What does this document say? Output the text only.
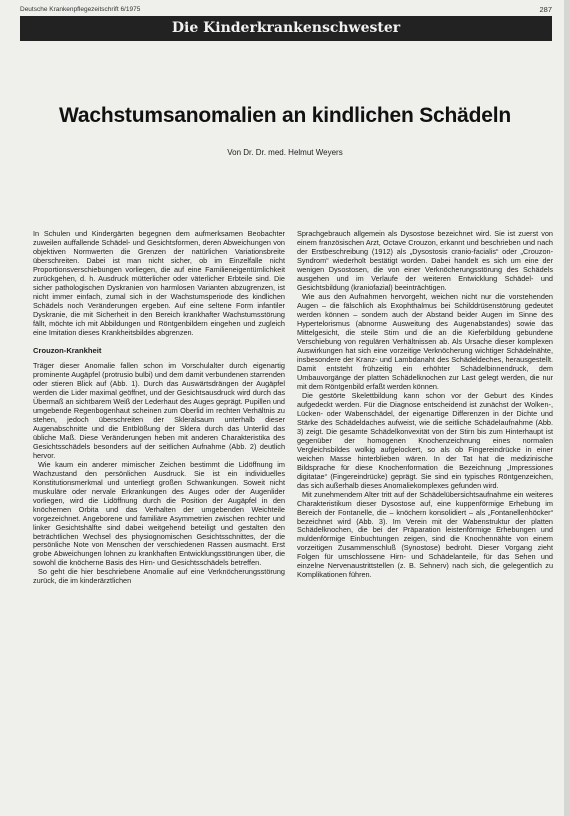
Deutsche Krankenpflegezeitschrift 6/1975	287
Die Kinderkrankenschwester
Wachstumsanomalien an kindlichen Schädeln
Von Dr. Dr. med. Helmut Weyers

In Schulen und Kindergärten begegnen dem aufmerksamen Beobachter zuweilen auffallende Schädel- und Gesichtsformen, deren Abweichungen von objektiven Normwerten die Grenzen der natürlichen Variationsbreite überschreiten. Dabei ist man nicht sicher, ob im Einzelfalle nicht Proportionsverschiebungen vorliegen, die auf eine Familieneigentümlichkeit zurückgehen, d. h. Ausdruck mütterlicher oder väterlicher Erbteile sind. Die sicher pathologischen Dyskranien von harmlosen Varianten abzugrenzen, ist nicht immer einfach, zumal sich in der Wachstumsperiode des kindlichen Schädels noch Veränderungen ergeben. Auf eine seltene Form infantiler Dyskranie, die mit Sicherheit in den Bereich krankhafter Wachstumsstörung fällt, möchte ich mit Abbildungen und Röntgenbildern eingehen und zugleich eine Imitation dieses Krankheitsbildes abgrenzen.

Crouzon-Krankheit

Träger dieser Anomalie fallen schon im Vorschulalter durch eigenartig prominente Augäpfel (protrusio bulbi) und dem damit verbundenen starrenden oder stieren Blick auf (Abb. 1). Durch das Auswärtsdrängen der Augäpfel werden die Lider maximal geöffnet, und der Gesichtsausdruck wird durch das Übermaß an sichtbarem Weiß der Lederhaut des Auges geprägt. Pupillen und umgebende Regenbogenhaut scheinen zum Oberlid im rechten Verhältnis zu stehen, jedoch überschreiten der Skleralsaum unterhalb dieser Augenabschnitte und die Entblößung der Sklera durch das Unterlid das übliche Maß. Diese Veränderungen heben mit anderen Charakteristika des Gesichtsschädels besonders auf der seitlichen Aufnahme (Abb. 2) deutlich hervor.

Wie kaum ein anderer mimischer Zeichen bestimmt die Lidöffnung im Wachzustand den persönlichen Ausdruck. Sie ist ein individuelles Konstitutionsmerkmal und unterliegt großen Schwankungen. Soweit nicht muskuläre oder nervale Erkrankungen des Auges oder der Augenlider vorliegen, wird die Lidöffnung durch die Position der Augäpfel in den knöchernen Orbita und das Verhalten der umgebenden Weichteile vorgezeichnet. Angeborene und familiäre Asymmetrien zwischen rechter und linker Gesichtshälfte sind dabei weitgehend beteiligt und gestalten den beträchtlichen Wechsel des physiognomischen Gesichtsschnittes, der die persönliche Note von Menschen der verschiedenen Rassen ausmacht. Erst grobe Abweichungen lohnen zu krankhaften Entwicklungsstörungen über, die sowohl die knöcherne Basis des Hirn- und Gesichtsschädels betreffen.

So geht die hier beschriebene Anomalie auf eine Verknöcherungsstörung zurück, die im kinderärztlichen

Sprachgebrauch allgemein als Dysostose bezeichnet wird. Sie ist zuerst von einem französischen Arzt, Octave Crouzon, erkannt und beschrieben und nach der Erstbeschreibung (1912) als „Dysostosis cranio-facialis“ oder „Crouzon-Syndrom“ wiederholt bestätigt worden. Dabei handelt es sich um eine der wenigen Dysostosen, die von einer Verknöcherungsstörung des Schädels ausgehen und im Verlaufe der weiteren Entwicklung Schädel- und Gesichtsbildung (kraniofazial) beeinträchtigen.

Wie aus den Aufnahmen hervorgeht, weichen nicht nur die vorstehenden Augen – die fälschlich als Exophthalmus bei Schilddrüsenstörung gedeutet werden können – sondern auch der Abstand beider Augen im Sinne des Hypertelorismus (abnorme Ausweitung des Augenabstandes) sowie das Mittelgesicht, die steile Stirn und die an die Kieferbildung gebundene Verschiebung von regulären Verhältnissen ab. Als Ursache dieser komplexen Auswirkungen hat sich eine vorzeitige Verknöcherung wichtiger Schädelnähte, insbesondere der Kranz- und Lambdanaht des Schädeldeches, herausgestellt. Damit entsteht frühzeitig ein erhöhter Schädelbinnendruck, dem Umbauvorgänge der platten Schädelknochen zur Last gelegt werden, die nur mit dem Röntgenbild erfaßt werden können.

Die gestörte Skelettbildung kann schon vor der Geburt des Kindes aufgedeckt werden. Für die Diagnose entscheidend ist zunächst der Wolken-, Lücken- oder Wabenschädel, der eigenartige Differenzen in der Dichte und Stärke des Schädeldaches aufweist, wie die seitliche Schädelaufnahme (Abb. 3) zeigt. Die gesamte Schädelkonvexität von der Stirn bis zum Hinterhaupt ist gegenüber der homogenen Knochenzeichnung eines normalen Vergleichsbildes wolkig aufgelockert, so als ob Fingereindrücke in einer weichen Masse hinterblieben wären. In der Tat hat die medizinische Bildsprache für diese Knochenformation die Bezeichnung „Impressiones digitatae“ (Fingereindrücke) geprägt. Sie sind ein typisches Röntgenzeichen, das sich außerhalb dieses Anomaliekomplexes gefunden wird.

Mit zunehmendem Alter tritt auf der Schädelübersichtsaufnahme ein weiteres Charakteristikum dieser Dysostose auf, eine kuppenförmige Erhebung im Bereich der Fontanelle, die – knöchern konsolidiert – als „Fontanellenhöcker“ bezeichnet wird (Abb. 3). Im Verein mit der Wabenstruktur der platten Schädelknochen, die bei der Präparation leistenförmige Erhebungen und muldenförmige Einbuchtungen zeigen, sind die Knochennähte von einem vorzeitigen Zusammenschluß (Synostose) bedroht. Dieser Vorgang zieht Folgen für umschlossene Hirn- und Schädelanteile, für das Sehen und einzelne Nervenaustrittstellen (z. B. Sehnerv) nach sich, die gelegentlich zu Komplikationen führen.
